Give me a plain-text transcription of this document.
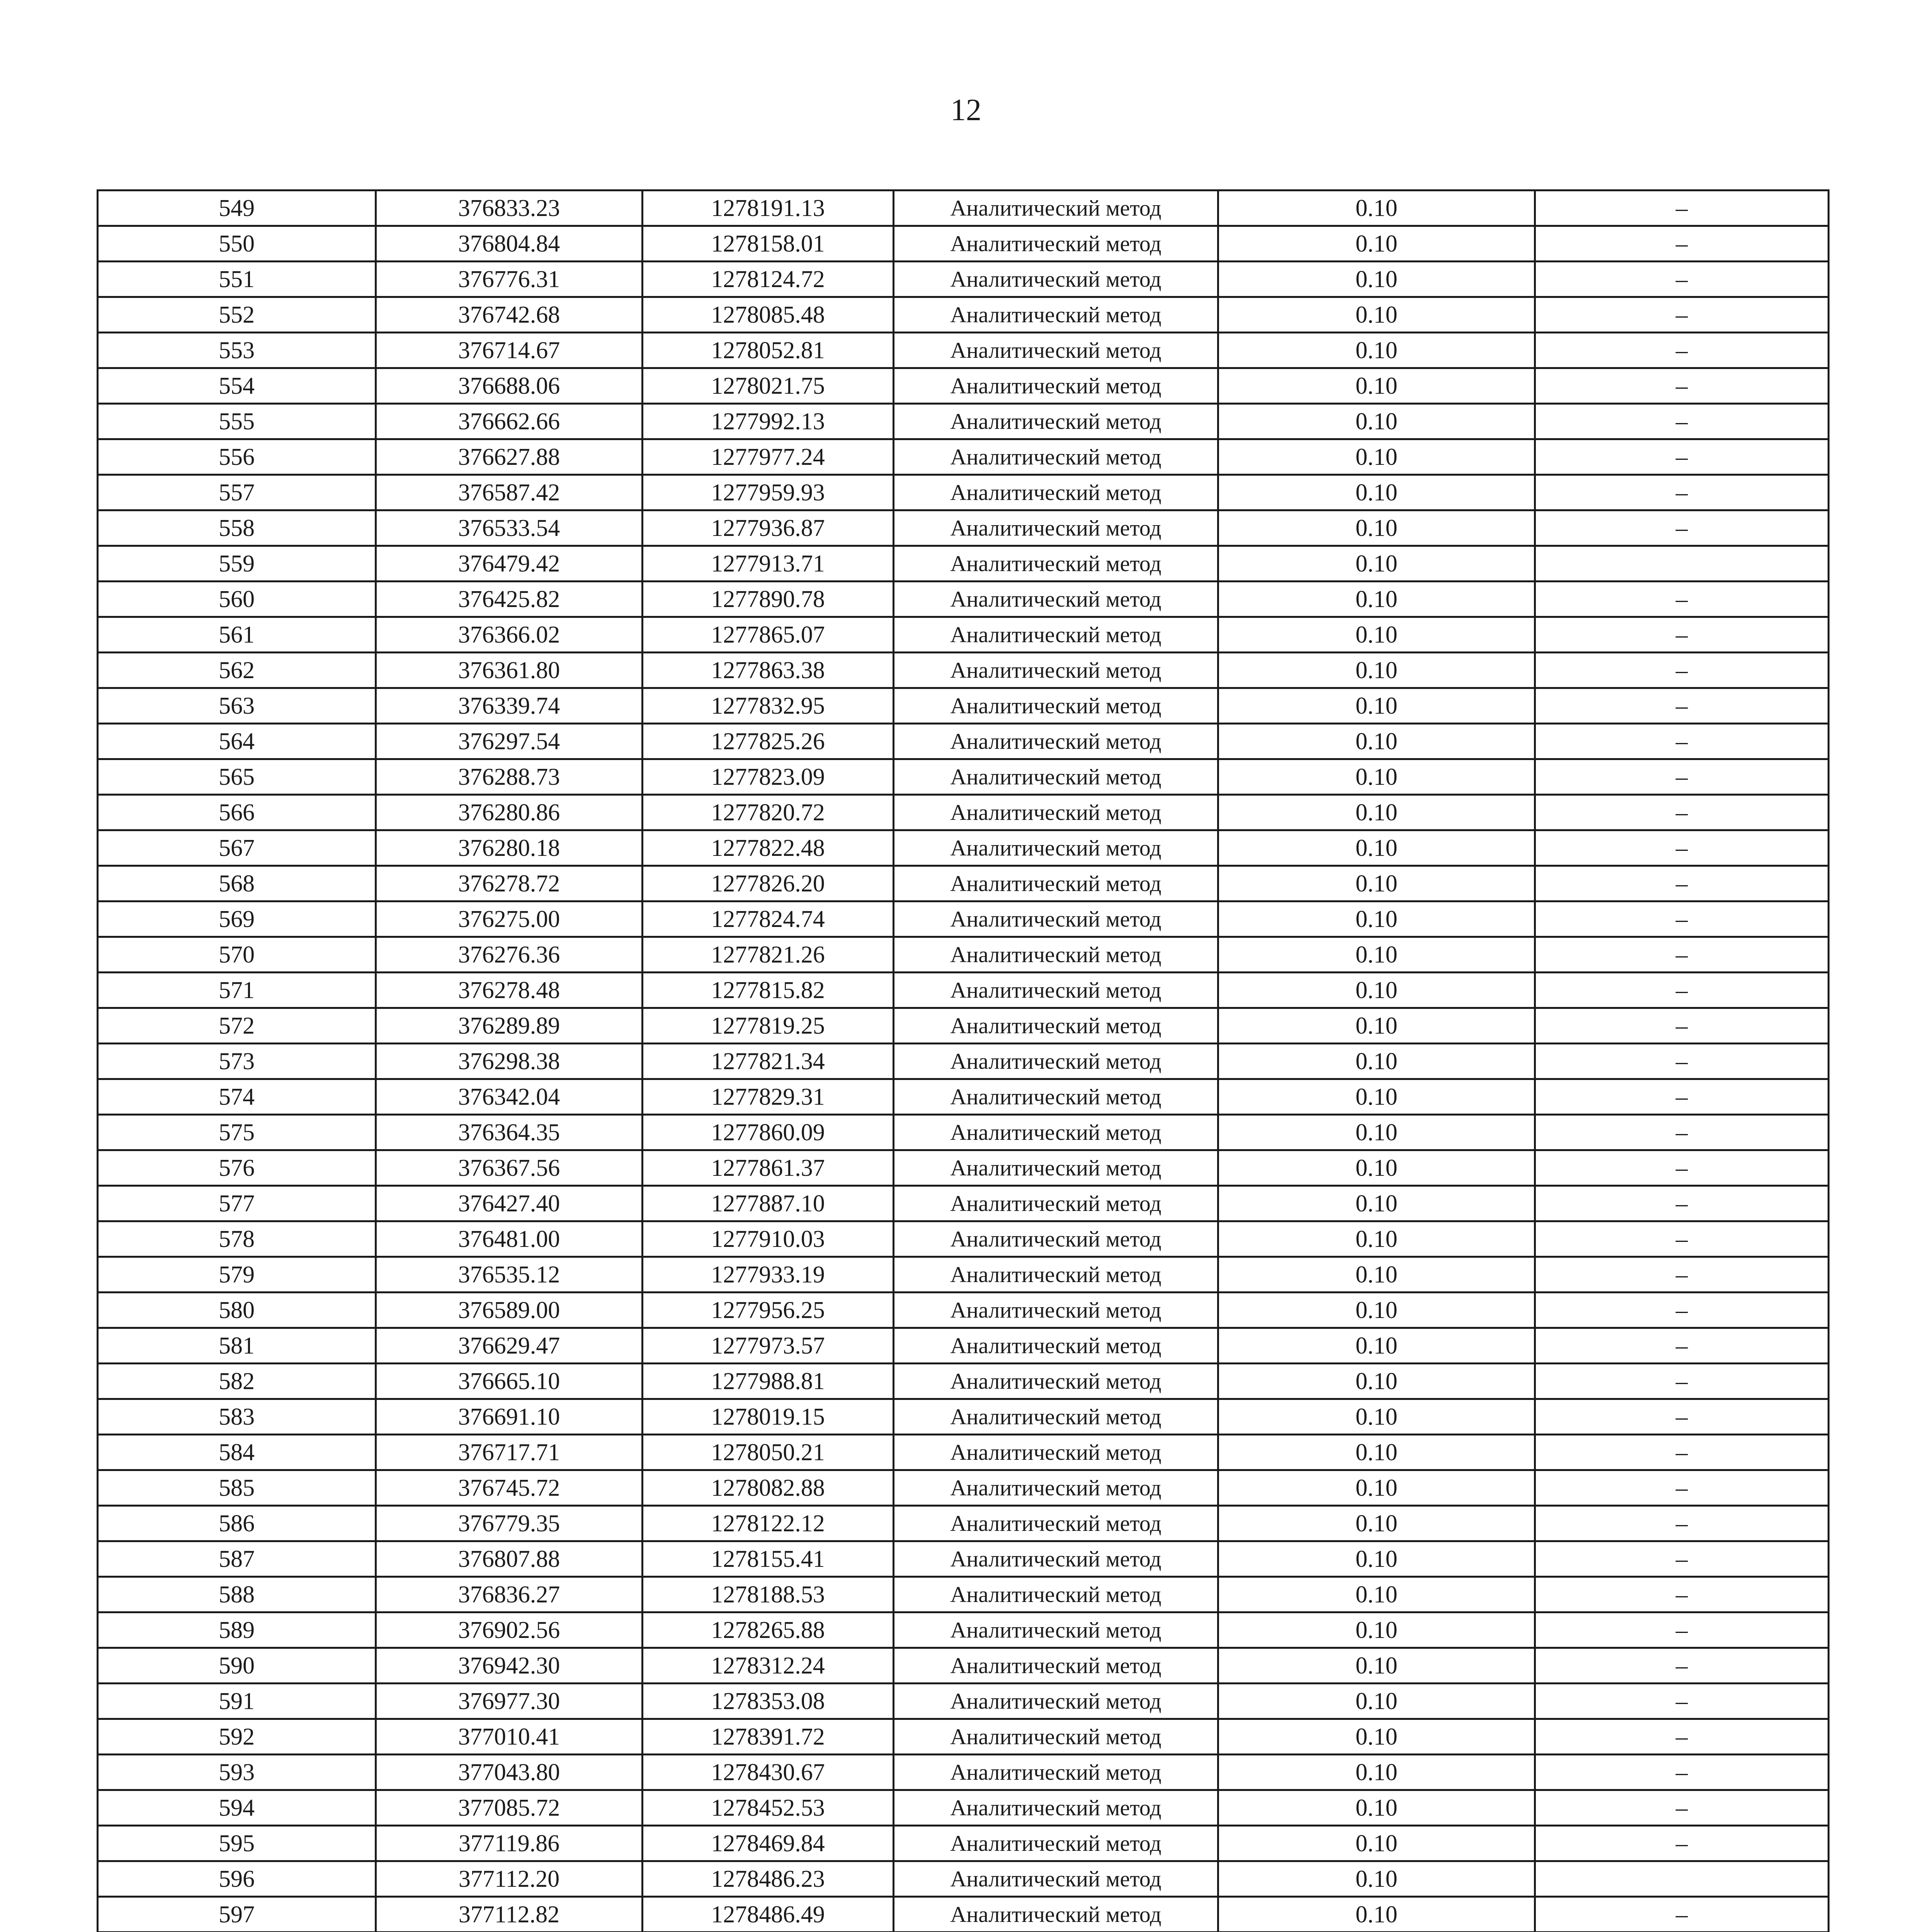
12
549	376833.23	1278191.13	Аналитический метод	0.10	–
550	376804.84	1278158.01	Аналитический метод	0.10	–
551	376776.31	1278124.72	Аналитический метод	0.10	–
552	376742.68	1278085.48	Аналитический метод	0.10	–
553	376714.67	1278052.81	Аналитический метод	0.10	–
554	376688.06	1278021.75	Аналитический метод	0.10	–
555	376662.66	1277992.13	Аналитический метод	0.10	–
556	376627.88	1277977.24	Аналитический метод	0.10	–
557	376587.42	1277959.93	Аналитический метод	0.10	–
558	376533.54	1277936.87	Аналитический метод	0.10	–
559	376479.42	1277913.71	Аналитический метод	0.10	
560	376425.82	1277890.78	Аналитический метод	0.10	–
561	376366.02	1277865.07	Аналитический метод	0.10	–
562	376361.80	1277863.38	Аналитический метод	0.10	–
563	376339.74	1277832.95	Аналитический метод	0.10	–
564	376297.54	1277825.26	Аналитический метод	0.10	–
565	376288.73	1277823.09	Аналитический метод	0.10	–
566	376280.86	1277820.72	Аналитический метод	0.10	–
567	376280.18	1277822.48	Аналитический метод	0.10	–
568	376278.72	1277826.20	Аналитический метод	0.10	–
569	376275.00	1277824.74	Аналитический метод	0.10	–
570	376276.36	1277821.26	Аналитический метод	0.10	–
571	376278.48	1277815.82	Аналитический метод	0.10	–
572	376289.89	1277819.25	Аналитический метод	0.10	–
573	376298.38	1277821.34	Аналитический метод	0.10	–
574	376342.04	1277829.31	Аналитический метод	0.10	–
575	376364.35	1277860.09	Аналитический метод	0.10	–
576	376367.56	1277861.37	Аналитический метод	0.10	–
577	376427.40	1277887.10	Аналитический метод	0.10	–
578	376481.00	1277910.03	Аналитический метод	0.10	–
579	376535.12	1277933.19	Аналитический метод	0.10	–
580	376589.00	1277956.25	Аналитический метод	0.10	–
581	376629.47	1277973.57	Аналитический метод	0.10	–
582	376665.10	1277988.81	Аналитический метод	0.10	–
583	376691.10	1278019.15	Аналитический метод	0.10	–
584	376717.71	1278050.21	Аналитический метод	0.10	–
585	376745.72	1278082.88	Аналитический метод	0.10	–
586	376779.35	1278122.12	Аналитический метод	0.10	–
587	376807.88	1278155.41	Аналитический метод	0.10	–
588	376836.27	1278188.53	Аналитический метод	0.10	–
589	376902.56	1278265.88	Аналитический метод	0.10	–
590	376942.30	1278312.24	Аналитический метод	0.10	–
591	376977.30	1278353.08	Аналитический метод	0.10	–
592	377010.41	1278391.72	Аналитический метод	0.10	–
593	377043.80	1278430.67	Аналитический метод	0.10	–
594	377085.72	1278452.53	Аналитический метод	0.10	–
595	377119.86	1278469.84	Аналитический метод	0.10	–
596	377112.20	1278486.23	Аналитический метод	0.10	
597	377112.82	1278486.49	Аналитический метод	0.10	–
